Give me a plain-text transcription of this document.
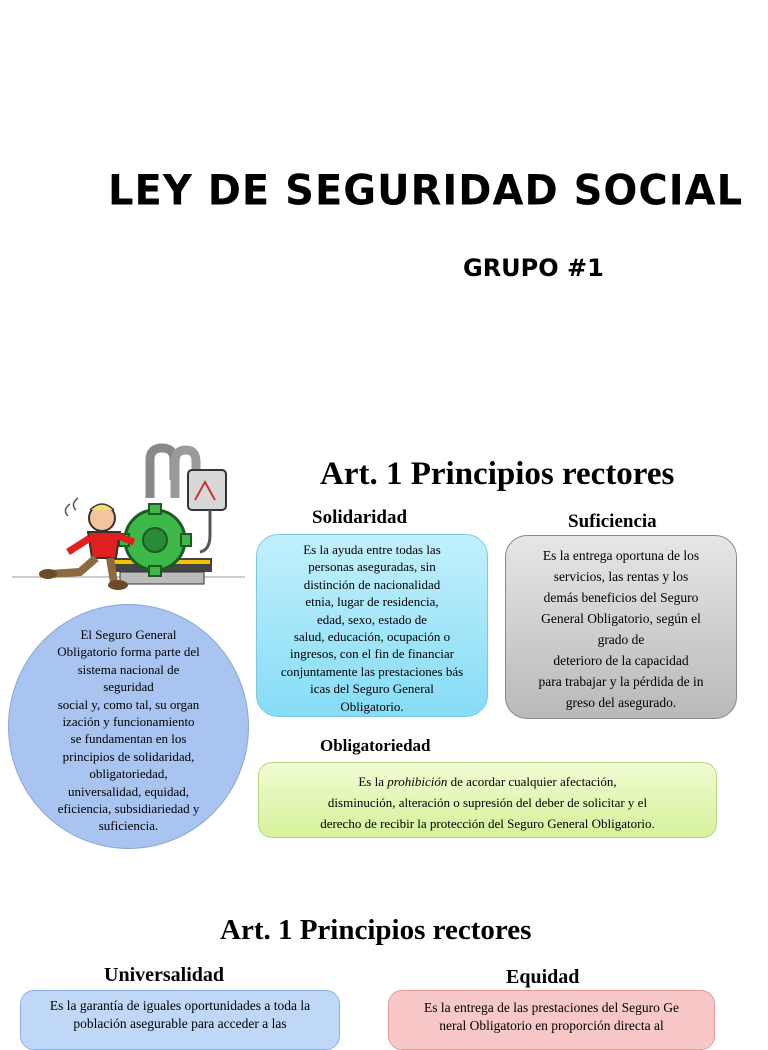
LEY DE SEGURIDAD SOCIAL
GRUPO #1
Art. 1 Principios rectores
El Seguro General
Obligatorio forma parte del
sistema nacional de
seguridad
social y, como tal, su organ
ización y funcionamiento
se fundamentan en los
principios de solidaridad,
obligatoriedad,
universalidad, equidad,
eficiencia, subsidiariedad y
suficiencia.
Solidaridad
Es la ayuda entre todas las
personas aseguradas, sin
distinción de nacionalidad
etnia, lugar de residencia,
edad, sexo, estado de
salud, educación, ocupación o
ingresos, con el fin de financiar
conjuntamente las prestaciones bás
icas del Seguro General
Obligatorio.
Suficiencia
Es la entrega oportuna de los
servicios, las rentas y los
demás beneficios del Seguro
General Obligatorio, según el
grado de
deterioro de la capacidad
para trabajar y la pérdida de in
greso del asegurado.
Obligatoriedad
Es la prohibición de acordar cualquier afectación,
disminución, alteración o supresión del deber de solicitar y el
derecho de recibir la protección del Seguro General Obligatorio.
Art. 1 Principios rectores
Universalidad
Es la garantía de iguales oportunidades a toda la
población asegurable para acceder a las
Equidad
Es la entrega de las prestaciones del Seguro Ge
neral Obligatorio en proporción directa al
